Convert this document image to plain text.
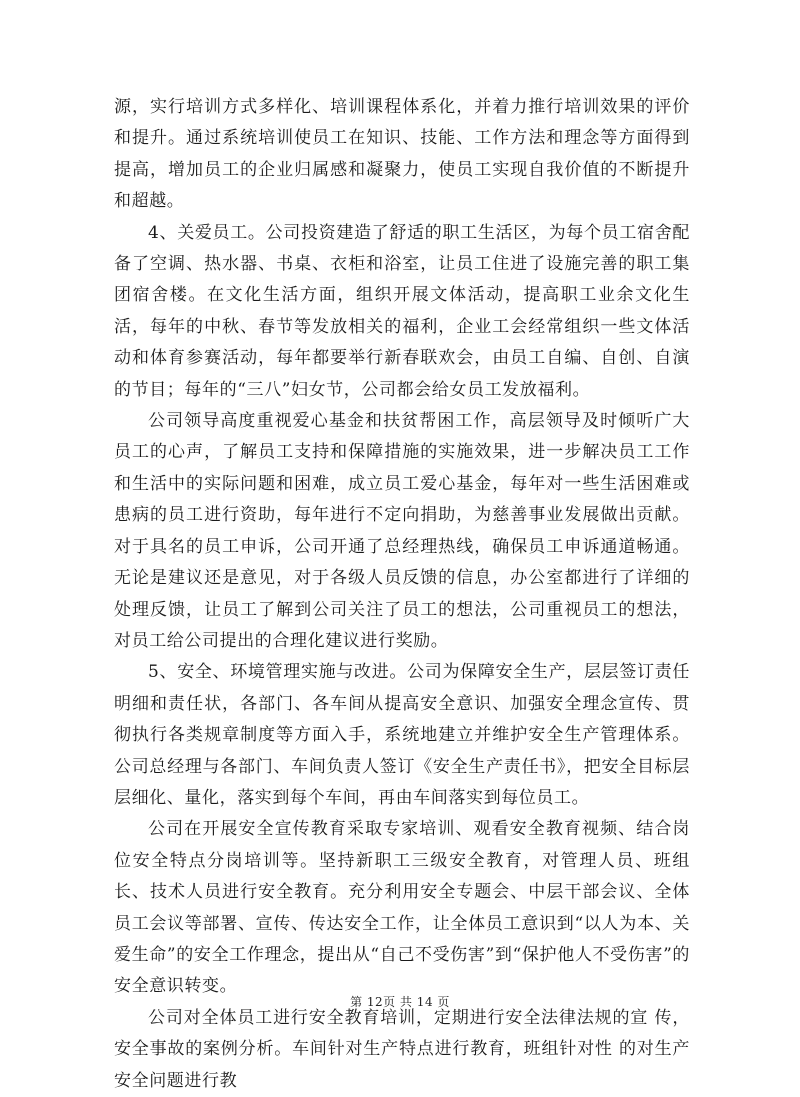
源，实行培训方式多样化、培训课程体系化，并着力推行培训效果的评价和提升。通过系统培训使员工在知识、技能、工作方法和理念等方面得到提高，增加员工的企业归属感和凝聚力，使员工实现自我价值的不断提升和超越。

4、关爱员工。公司投资建造了舒适的职工生活区，为每个员工宿舍配备了空调、热水器、书桌、衣柜和浴室，让员工住进了设施完善的职工集团宿舍楼。在文化生活方面，组织开展文体活动，提高职工业余文化生活，每年的中秋、春节等发放相关的福利，企业工会经常组织一些文体活动和体育参赛活动，每年都要举行新春联欢会，由员工自编、自创、自演的节目；每年的“三八”妇女节，公司都会给女员工发放福利。

公司领导高度重视爱心基金和扶贫帮困工作，高层领导及时倾听广大员工的心声，了解员工支持和保障措施的实施效果，进一步解决员工工作和生活中的实际问题和困难，成立员工爱心基金，每年对一些生活困难或患病的员工进行资助，每年进行不定向捐助，为慈善事业发展做出贡献。对于具名的员工申诉，公司开通了总经理热线，确保员工申诉通道畅通。无论是建议还是意见，对于各级人员反馈的信息，办公室都进行了详细的处理反馈，让员工了解到公司关注了员工的想法，公司重视员工的想法，对员工给公司提出的合理化建议进行奖励。

5、安全、环境管理实施与改进。公司为保障安全生产，层层签订责任明细和责任状，各部门、各车间从提高安全意识、加强安全理念宣传、贯彻执行各类规章制度等方面入手，系统地建立并维护安全生产管理体系。公司总经理与各部门、车间负责人签订《安全生产责任书》，把安全目标层层细化、量化，落实到每个车间，再由车间落实到每位员工。

公司在开展安全宣传教育采取专家培训、观看安全教育视频、结合岗位安全特点分岗培训等。坚持新职工三级安全教育，对管理人员、班组长、技术人员进行安全教育。充分利用安全专题会、中层干部会议、全体员工会议等部署、宣传、传达安全工作，让全体员工意识到“以人为本、关爱生命”的安全工作理念，提出从“自己不受伤害”到“保护他人不受伤害”的安全意识转变。

公司对全体员工进行安全教育培训，定期进行安全法律法规的宣 传，安全事故的案例分析。车间针对生产特点进行教育，班组针对性 的对生产安全问题进行教

第 12页 共 14 页
